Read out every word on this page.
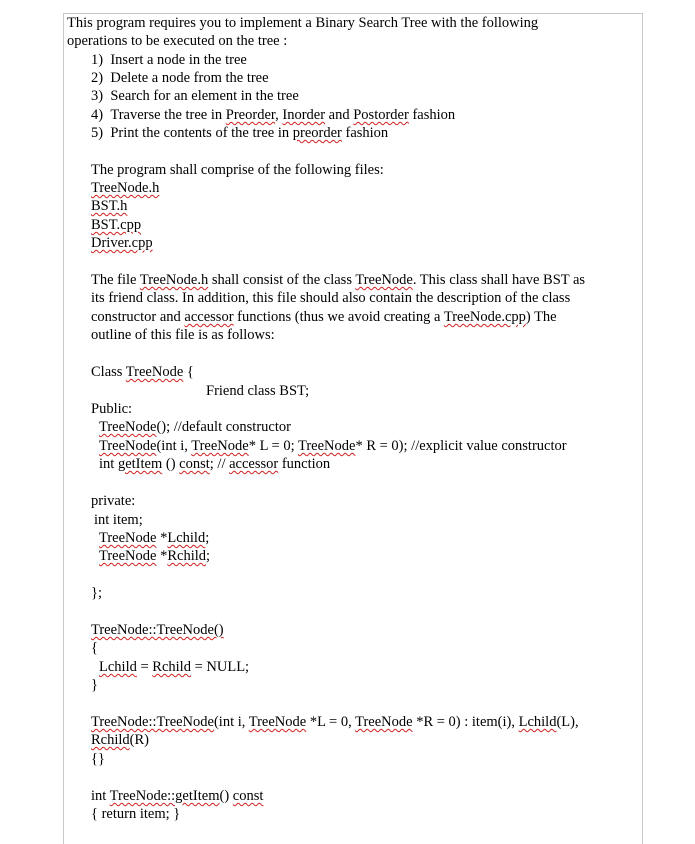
This program requires you to implement a Binary Search Tree with the following
operations to be executed on the tree :
1) Insert a node in the tree
2) Delete a node from the tree
3) Search for an element in the tree
4) Traverse the tree in Preorder, Inorder and Postorder fashion
5) Print the contents of the tree in preorder fashion
The program shall comprise of the following files:
TreeNode.h
BST.h
BST.cpp
Driver.cpp
The file TreeNode.h shall consist of the class TreeNode. This class shall have BST as
its friend class. In addition, this file should also contain the description of the class
constructor and accessor functions (thus we avoid creating a TreeNode.cpp) The
outline of this file is as follows:
Class TreeNode {
Friend class BST;
Public:
TreeNode(); //default constructor
TreeNode(int i, TreeNode* L = 0; TreeNode* R = 0); //explicit value constructor
int getItem () const; // accessor function
private:
int item;
TreeNode *Lchild;
TreeNode *Rchild;
};
TreeNode::TreeNode()
{
Lchild = Rchild = NULL;
}
TreeNode::TreeNode(int i, TreeNode *L = 0, TreeNode *R = 0) : item(i), Lchild(L),
Rchild(R)
{}
int TreeNode::getItem() const
{ return item; }
